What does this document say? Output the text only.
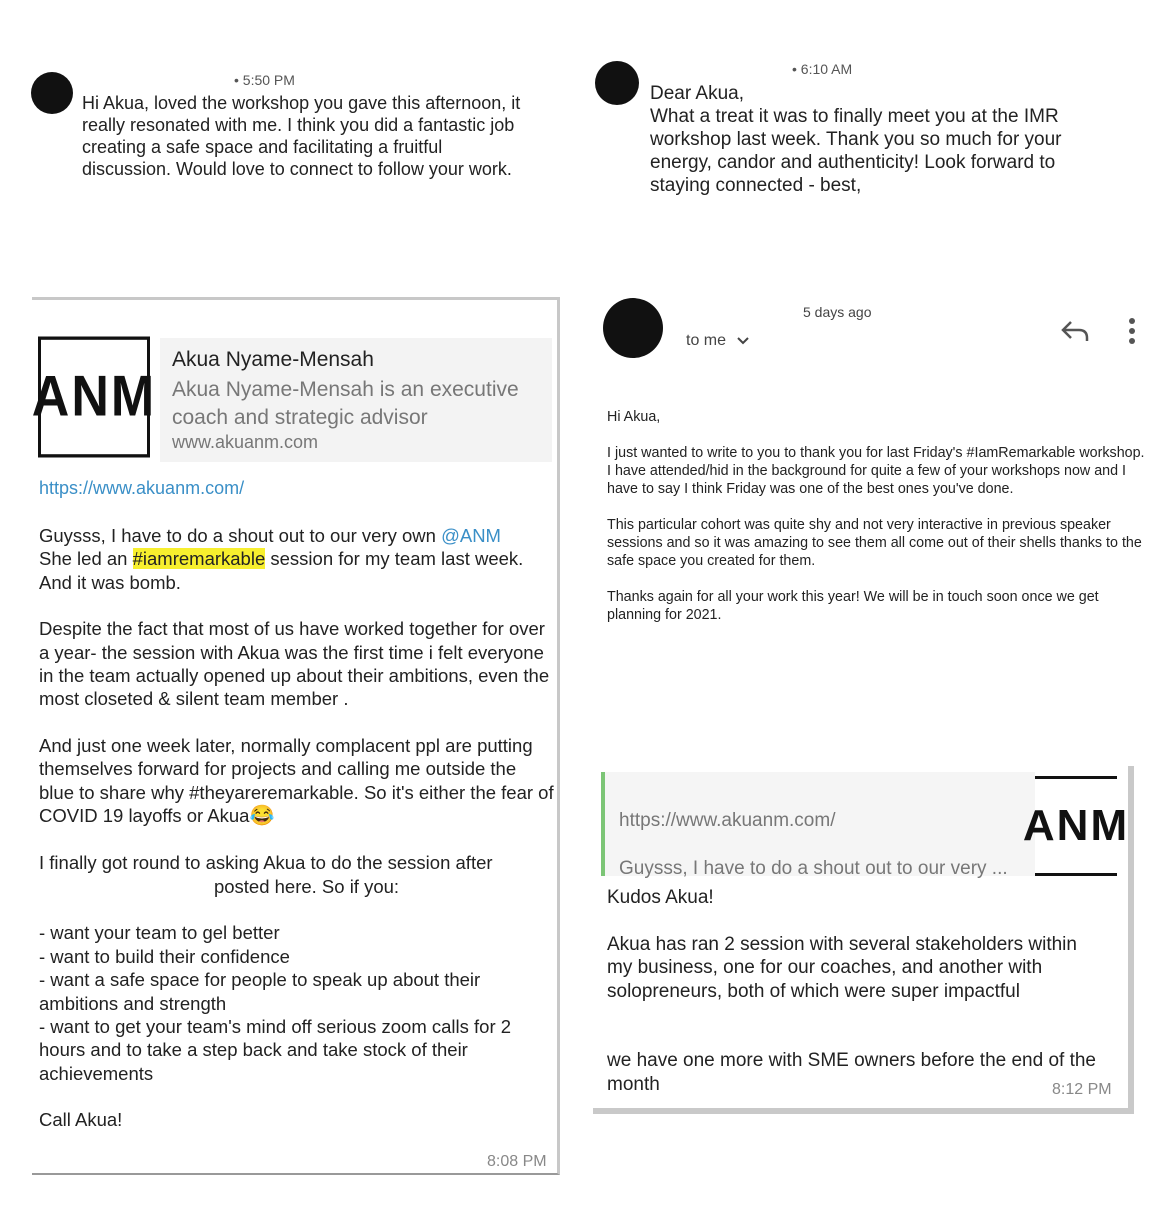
• 5:50 PM
Hi Akua, loved the workshop you gave this afternoon, it really resonated with me. I think you did a fantastic job creating a safe space and facilitating a fruitful discussion. Would love to connect to follow your work.
• 6:10 AM
Dear Akua,
What a treat it was to finally meet you at the IMR workshop last week. Thank you so much for your energy, candor and authenticity! Look forward to staying connected - best,
ANM
Akua Nyame-Mensah
Akua Nyame-Mensah is an executive coach and strategic advisor
www.akuanm.com
https://www.akuanm.com/

Guysss, I have to do a shout out to our very own @ANM
She led an #iamremarkable session for my team last week. And it was bomb.

Despite the fact that most of us have worked together for over a year- the session with Akua was the first time i felt everyone in the team actually opened up about their ambitions, even the most closeted & silent team member .

And just one week later, normally complacent ppl are putting themselves forward for projects and calling me outside the blue to share why #theyareremarkable. So it's either the fear of COVID 19 layoffs or Akua😂

I finally got round to asking Akua to do the session after

posted here. So if you:

- want your team to gel better
- want to build their confidence
- want a safe space for people to speak up about their ambitions and strength
- want to get your team's mind off serious zoom calls for 2 hours and to take a step back and take stock of their achievements

Call Akua!

8:08 PM
5 days ago
to me

Hi Akua,

I just wanted to write to you to thank you for last Friday's #IamRemarkable workshop. I have attended/hid in the background for quite a few of your workshops now and I have to say I think Friday was one of the best ones you've done.

This particular cohort was quite shy and not very interactive in previous speaker sessions and so it was amazing to see them all come out of their shells thanks to the safe space you created for them.

Thanks again for all your work this year! We will be in touch soon once we get planning for 2021.

https://www.akuanm.com/
Guysss, I have to do a shout out to our very ...
ANM

Kudos Akua!

Akua has ran 2 session with several stakeholders within my business, one for our coaches, and another with solopreneurs, both of which were super impactful

we have one more with SME owners before the end of the month	8:12 PM
